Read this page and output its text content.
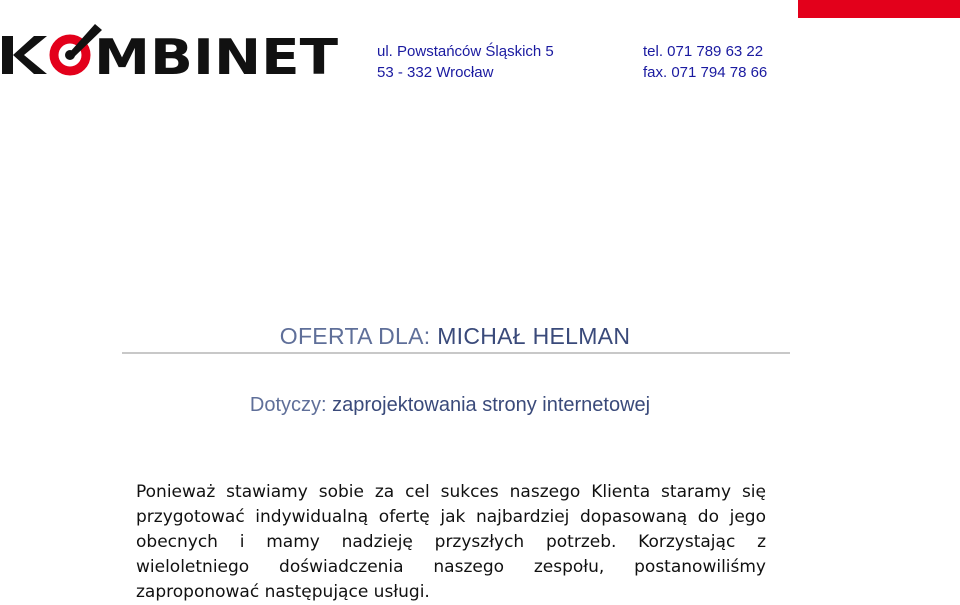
MBINET	ul. Powstańców Śląskich 5
53 - 332 Wrocław
tel. 071 789 63 22
fax. 071 794 78 66
OFERTA DLA: MICHAŁ HELMAN
Dotyczy: zaprojektowania strony internetowej
Ponieważ stawiamy sobie za cel sukces naszego Klienta staramy się przygotować indywidualną ofertę jak najbardziej dopasowaną do jego obecnych i mamy nadzieję przyszłych potrzeb. Korzystając z wieloletniego doświadczenia naszego zespołu, postanowiliśmy zaproponować następujące usługi.
